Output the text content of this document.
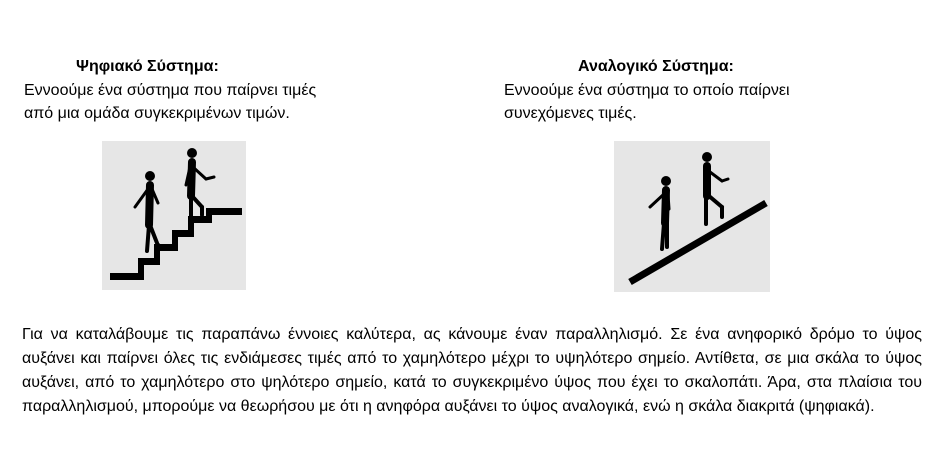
Ψηφιακό Σύστημα:
Εννοούμε ένα σύστημα που παίρνει τιμές
από μια ομάδα συγκεκριμένων τιμών.
Αναλογικό Σύστημα:
Εννοούμε ένα σύστημα το οποίο παίρνει
συνεχόμενες τιμές.
Για να καταλάβουμε τις παραπάνω έννοιες καλύτερα, ας κάνουμε έναν παραλληλισμό. Σε ένα ανηφορικό δρόμο το ύψος αυξάνει και παίρνει όλες τις ενδιάμεσες τιμές από το χαμηλότερο μέχρι το υψηλότερο σημείο. Αντίθετα, σε μια σκάλα το ύψος αυξάνει, από το χαμηλότερο στο ψηλότερο σημείο, κατά το συγκεκριμένο ύψος που έχει το σκαλοπάτι. Άρα, στα πλαίσια του παραλληλισμού, μπορούμε να θεωρήσου με ότι η ανηφόρα αυξάνει το ύψος αναλογικά, ενώ η σκάλα διακριτά (ψηφιακά).
